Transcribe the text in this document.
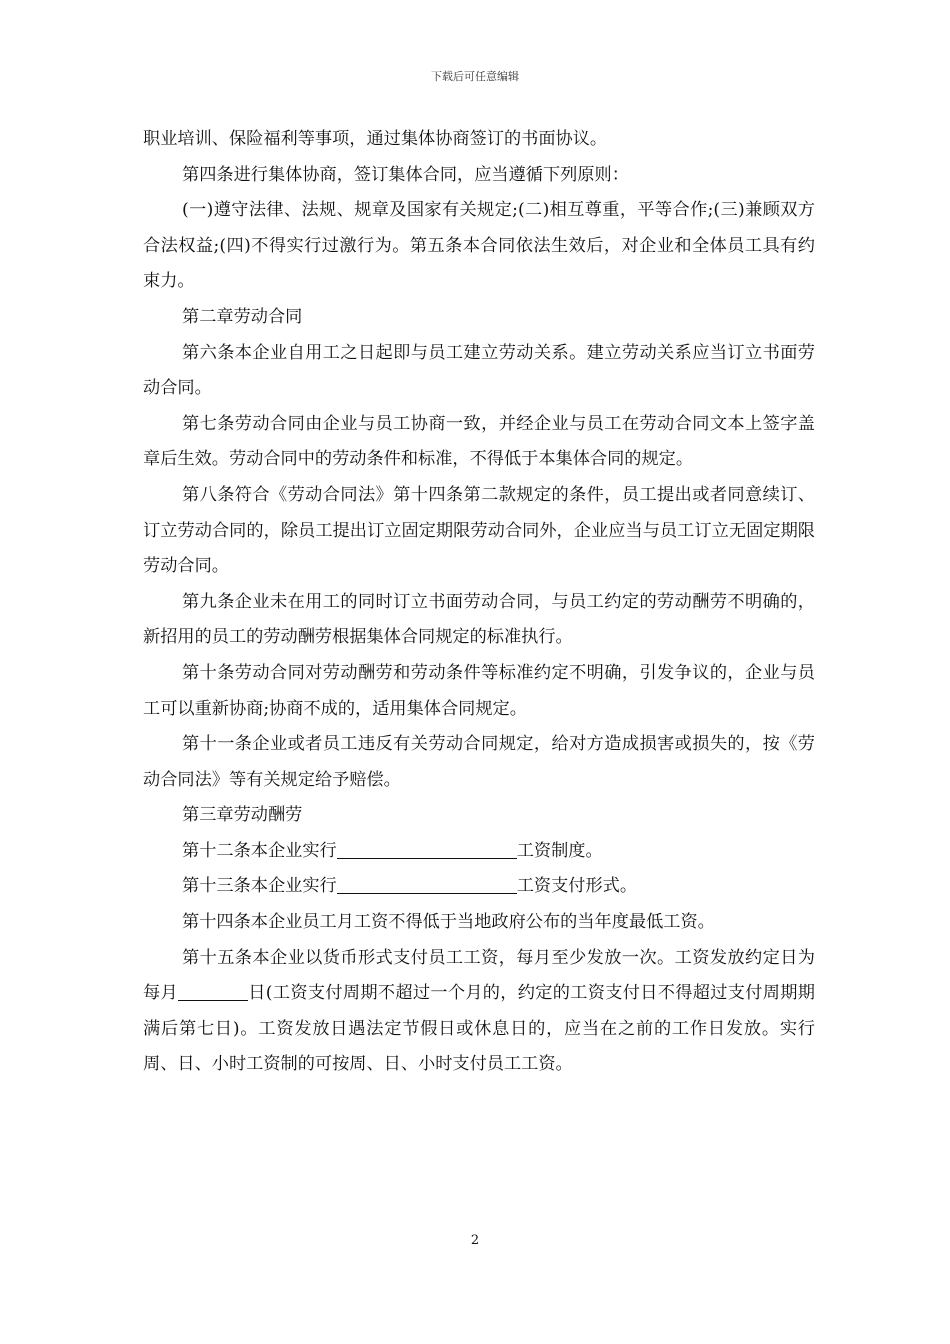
下载后可任意编辑

职业培训、保险福利等事项，通过集体协商签订的书面协议。

第四条进行集体协商，签订集体合同，应当遵循下列原则：

(一)遵守法律、法规、规章及国家有关规定;(二)相互尊重，平等合作;(三)兼顾双方合法权益;(四)不得实行过激行为。第五条本合同依法生效后，对企业和全体员工具有约束力。

第二章劳动合同

第六条本企业自用工之日起即与员工建立劳动关系。建立劳动关系应当订立书面劳动合同。

第七条劳动合同由企业与员工协商一致，并经企业与员工在劳动合同文本上签字盖章后生效。劳动合同中的劳动条件和标准，不得低于本集体合同的规定。

第八条符合《劳动合同法》第十四条第二款规定的条件，员工提出或者同意续订、订立劳动合同的，除员工提出订立固定期限劳动合同外，企业应当与员工订立无固定期限劳动合同。

第九条企业未在用工的同时订立书面劳动合同，与员工约定的劳动酬劳不明确的，新招用的员工的劳动酬劳根据集体合同规定的标准执行。

第十条劳动合同对劳动酬劳和劳动条件等标准约定不明确，引发争议的，企业与员工可以重新协商;协商不成的，适用集体合同规定。

第十一条企业或者员工违反有关劳动合同规定，给对方造成损害或损失的，按《劳动合同法》等有关规定给予赔偿。

第三章劳动酬劳

第十二条本企业实行	工资制度。

第十三条本企业实行	工资支付形式。

第十四条本企业员工月工资不得低于当地政府公布的当年度最低工资。

第十五条本企业以货币形式支付员工工资，每月至少发放一次。工资发放约定日为每月	日(工资支付周期不超过一个月的，约定的工资支付日不得超过支付周期期满后第七日)。工资发放日遇法定节假日或休息日的，应当在之前的工作日发放。实行周、日、小时工资制的可按周、日、小时支付员工工资。

2
